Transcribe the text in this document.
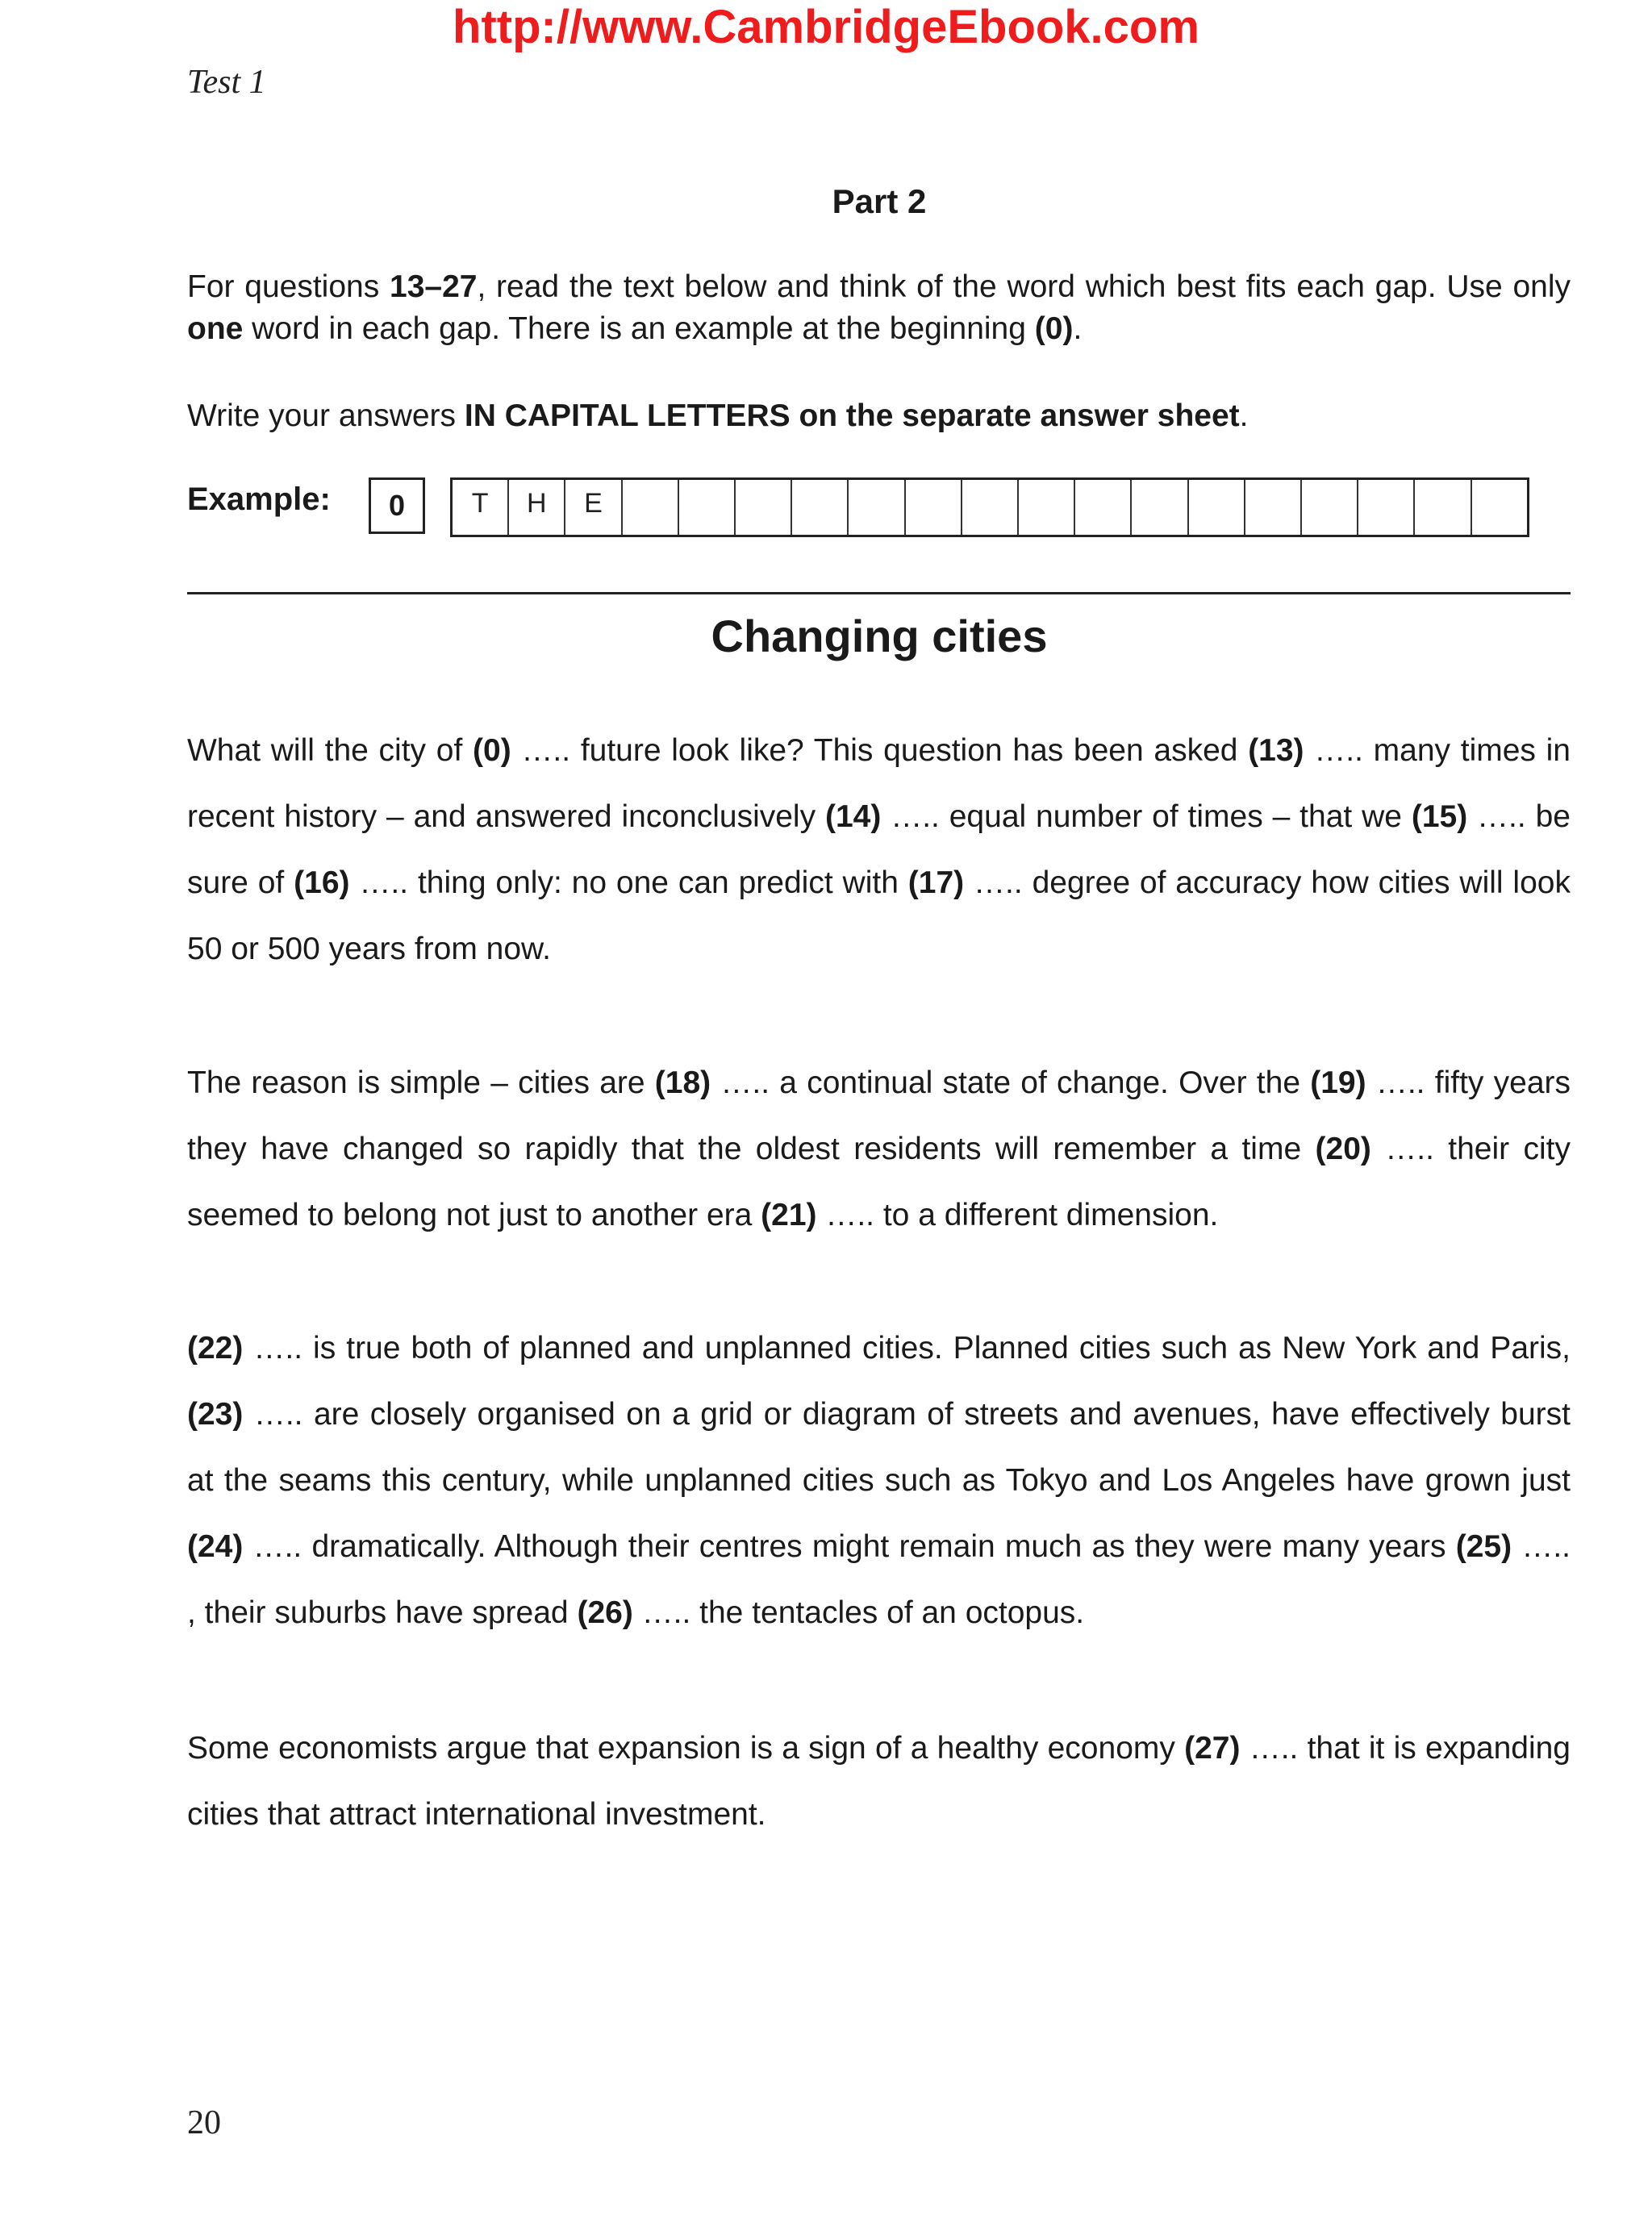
http://www.CambridgeEbook.com
Test 1
Part 2
For questions 13–27, read the text below and think of the word which best fits each gap. Use only one word in each gap. There is an example at the beginning (0).
Write your answers IN CAPITAL LETTERS on the separate answer sheet.
Example:	0	T	H	E
Changing cities
What will the city of (0) ….. future look like? This question has been asked (13) ….. many times in recent history – and answered inconclusively (14) ….. equal number of times – that we (15) ….. be sure of (16) ….. thing only: no one can predict with (17) ….. degree of accuracy how cities will look 50 or 500 years from now.
The reason is simple – cities are (18) ….. a continual state of change. Over the (19) ….. fifty years they have changed so rapidly that the oldest residents will remember a time (20) ….. their city seemed to belong not just to another era (21) ….. to a different dimension.
(22) ….. is true both of planned and unplanned cities. Planned cities such as New York and Paris, (23) ….. are closely organised on a grid or diagram of streets and avenues, have effectively burst at the seams this century, while unplanned cities such as Tokyo and Los Angeles have grown just (24) ….. dramatically. Although their centres might remain much as they were many years (25) ….. , their suburbs have spread (26) ….. the tentacles of an octopus.
Some economists argue that expansion is a sign of a healthy economy (27) ….. that it is expanding cities that attract international investment.
20
